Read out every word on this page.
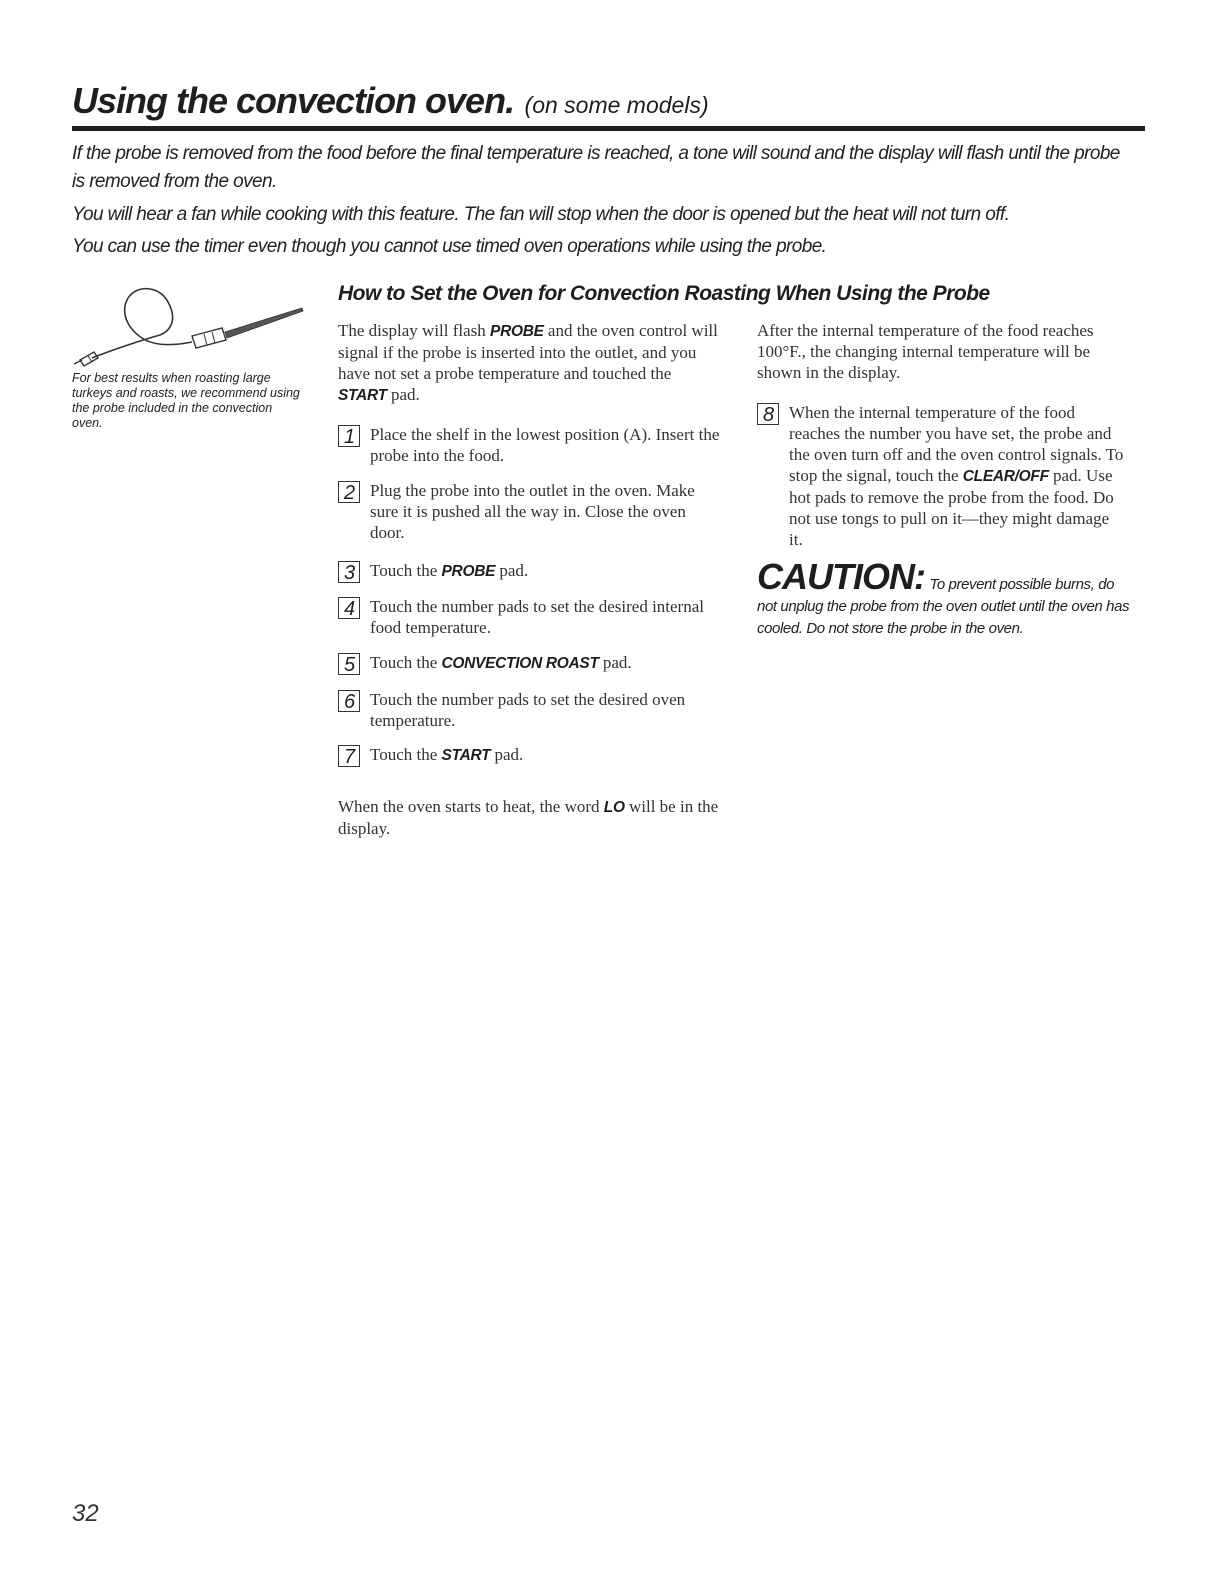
Using the convection oven. (on some models)
If the probe is removed from the food before the final temperature is reached, a tone will sound and the display will flash until the probe is removed from the oven.
You will hear a fan while cooking with this feature. The fan will stop when the door is opened but the heat will not turn off.
You can use the timer even though you cannot use timed oven operations while using the probe.
For best results when roasting large turkeys and roasts, we recommend using the probe included in the convection oven.
How to Set the Oven for Convection Roasting When Using the Probe
The display will flash PROBE and the oven control will signal if the probe is inserted into the outlet, and you have not set a probe temperature and touched the START pad.
1 Place the shelf in the lowest position (A). Insert the probe into the food.
2 Plug the probe into the outlet in the oven. Make sure it is pushed all the way in. Close the oven door.
3 Touch the PROBE pad.
4 Touch the number pads to set the desired internal food temperature.
5 Touch the CONVECTION ROAST pad.
6 Touch the number pads to set the desired oven temperature.
7 Touch the START pad.
When the oven starts to heat, the word LO will be in the display.
After the internal temperature of the food reaches 100°F., the changing internal temperature will be shown in the display.
8 When the internal temperature of the food reaches the number you have set, the probe and the oven turn off and the oven control signals. To stop the signal, touch the CLEAR/OFF pad. Use hot pads to remove the probe from the food. Do not use tongs to pull on it—they might damage it.
CAUTION: To prevent possible burns, do not unplug the probe from the oven outlet until the oven has cooled. Do not store the probe in the oven.
32
